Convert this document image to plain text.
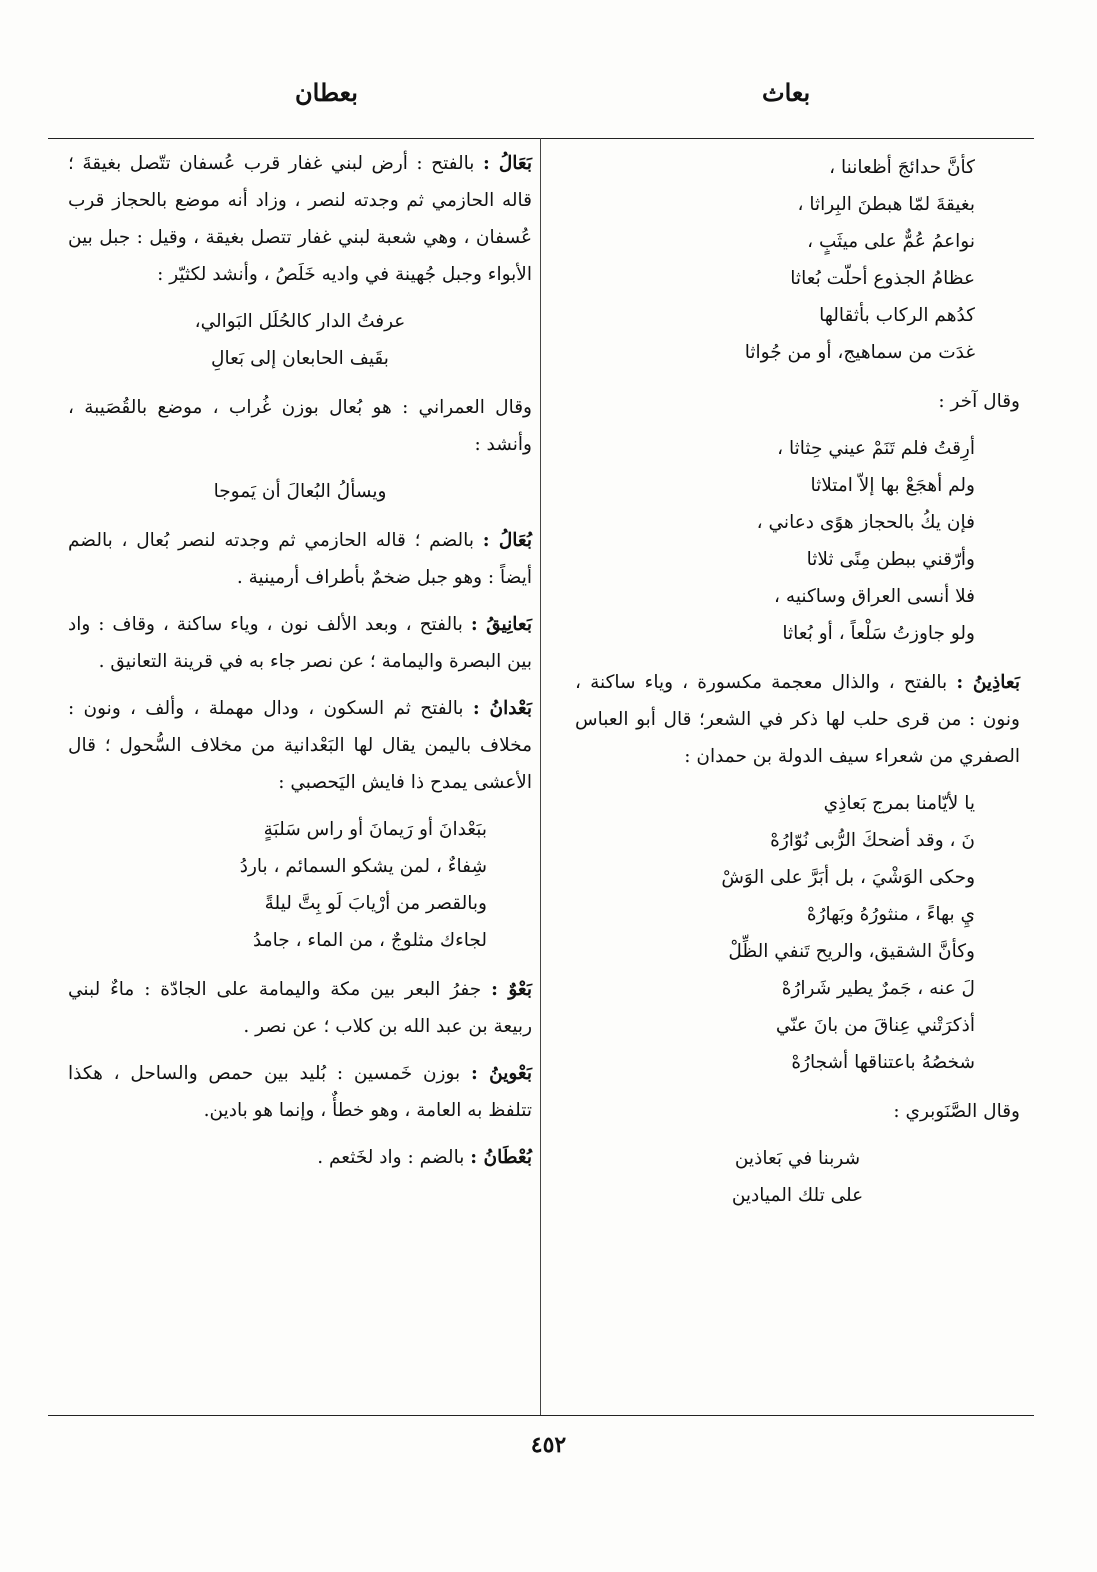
بعطان	بعاث
كأنَّ حدائجَ أظعاننا ،
بغيقةَ لمّا هبطنَ البِراثا ،
نواعمُ عُمٌّ على ميثَبٍ ،
عظامُ الجذوع أحلّت بُعاثا
كدُهم الركاب بأثقالها
غدَت من سماهيج، أو من جُواثا
وقال آخر :
أرِقتُ فلم تَنَمْ عيني حِثاثا ،
ولم أهجَعْ بها إلاّ امتلاثا
فإن يكُ بالحجاز هوًى دعاني ،
وأرّقني ببطن مِنًى ثلاثا
فلا أنسى العراق وساكنيه ،
ولو جاوزتُ سَلْعاً ، أو بُعاثا
بَعاذِينُ : بالفتح ، والذال معجمة مكسورة ، وياء ساكنة ، ونون : من قرى حلب لها ذكر في الشعر؛ قال أبو العباس الصفري من شعراء سيف الدولة بن حمدان :
يا لأيّامنا بمرج بَعاذِي
نَ ، وقد أضحكَ الرُّبى نُوّارُهْ
وحكى الوَشْيَ ، بل أبَرَّ على الوَشْ
يِ بهاءً ، منثورُهُ وبَهارُهْ
وكأنَّ الشقيق، والريح تَنفي الظِّلْ
لَ عنه ، جَمرٌ يطير شَرارُهْ
أذكرَتْني عِناقَ من بانَ عنّي
شخصُهُ باعتناقها أشجارُهْ
وقال الصَّنَوبري :
شربنا في بَعاذين
على تلك الميادين
بَعَالُ : بالفتح : أرض لبني غفار قرب عُسفان تتّصل بغيقةَ ؛ قاله الحازمي ثم وجدته لنصر ، وزاد أنه موضع بالحجاز قرب عُسفان ، وهي شعبة لبني غفار تتصل بغيقة ، وقيل : جبل بين الأبواء وجبل جُهينة في واديه خَلَصُ ، وأنشد لكثيّر :
عرفتُ الدار كالحُلَل البَوالي،
بقَيف الحابعان إلى بَعالِ
وقال العمراني : هو بُعال بوزن غُراب ، موضع بالقُصَيبة ، وأنشد :
ويسألُ البُعالَ أن يَموجا
بُعَالُ : بالضم ؛ قاله الحازمي ثم وجدته لنصر بُعال ، بالضم أيضاً : وهو جبل ضخمٌ بأطراف أرمينية .
بَعانِيقُ : بالفتح ، وبعد الألف نون ، وياء ساكنة ، وقاف : واد بين البصرة واليمامة ؛ عن نصر جاء به في قرينة التعانيق .
بَعْدانُ : بالفتح ثم السكون ، ودال مهملة ، وألف ، ونون : مخلاف باليمن يقال لها البَعْدانية من مخلاف السُّحول ؛ قال الأعشى يمدح ذا فايش اليَحصبي :
ببَعْدانَ أو رَيمانَ أو راس سَلبَةٍ
شِفاءٌ ، لمن يشكو السمائم ، باردُ
وبالقصر من أرْيابَ لَو بِتَّ ليلةً
لجاءك مثلوجٌ ، من الماء ، جامدُ
بَعْوٌ : جفرُ البعر بين مكة واليمامة على الجادّة : ماءٌ لبني ربيعة بن عبد الله بن كلاب ؛ عن نصر .
بَعْوينُ : بوزن خَمسين : بُليد بين حمص والساحل ، هكذا تتلفظ به العامة ، وهو خطأٌ ، وإنما هو بادين.
بُعْطَانُ : بالضم : واد لخَثعم .
٤٥٢
